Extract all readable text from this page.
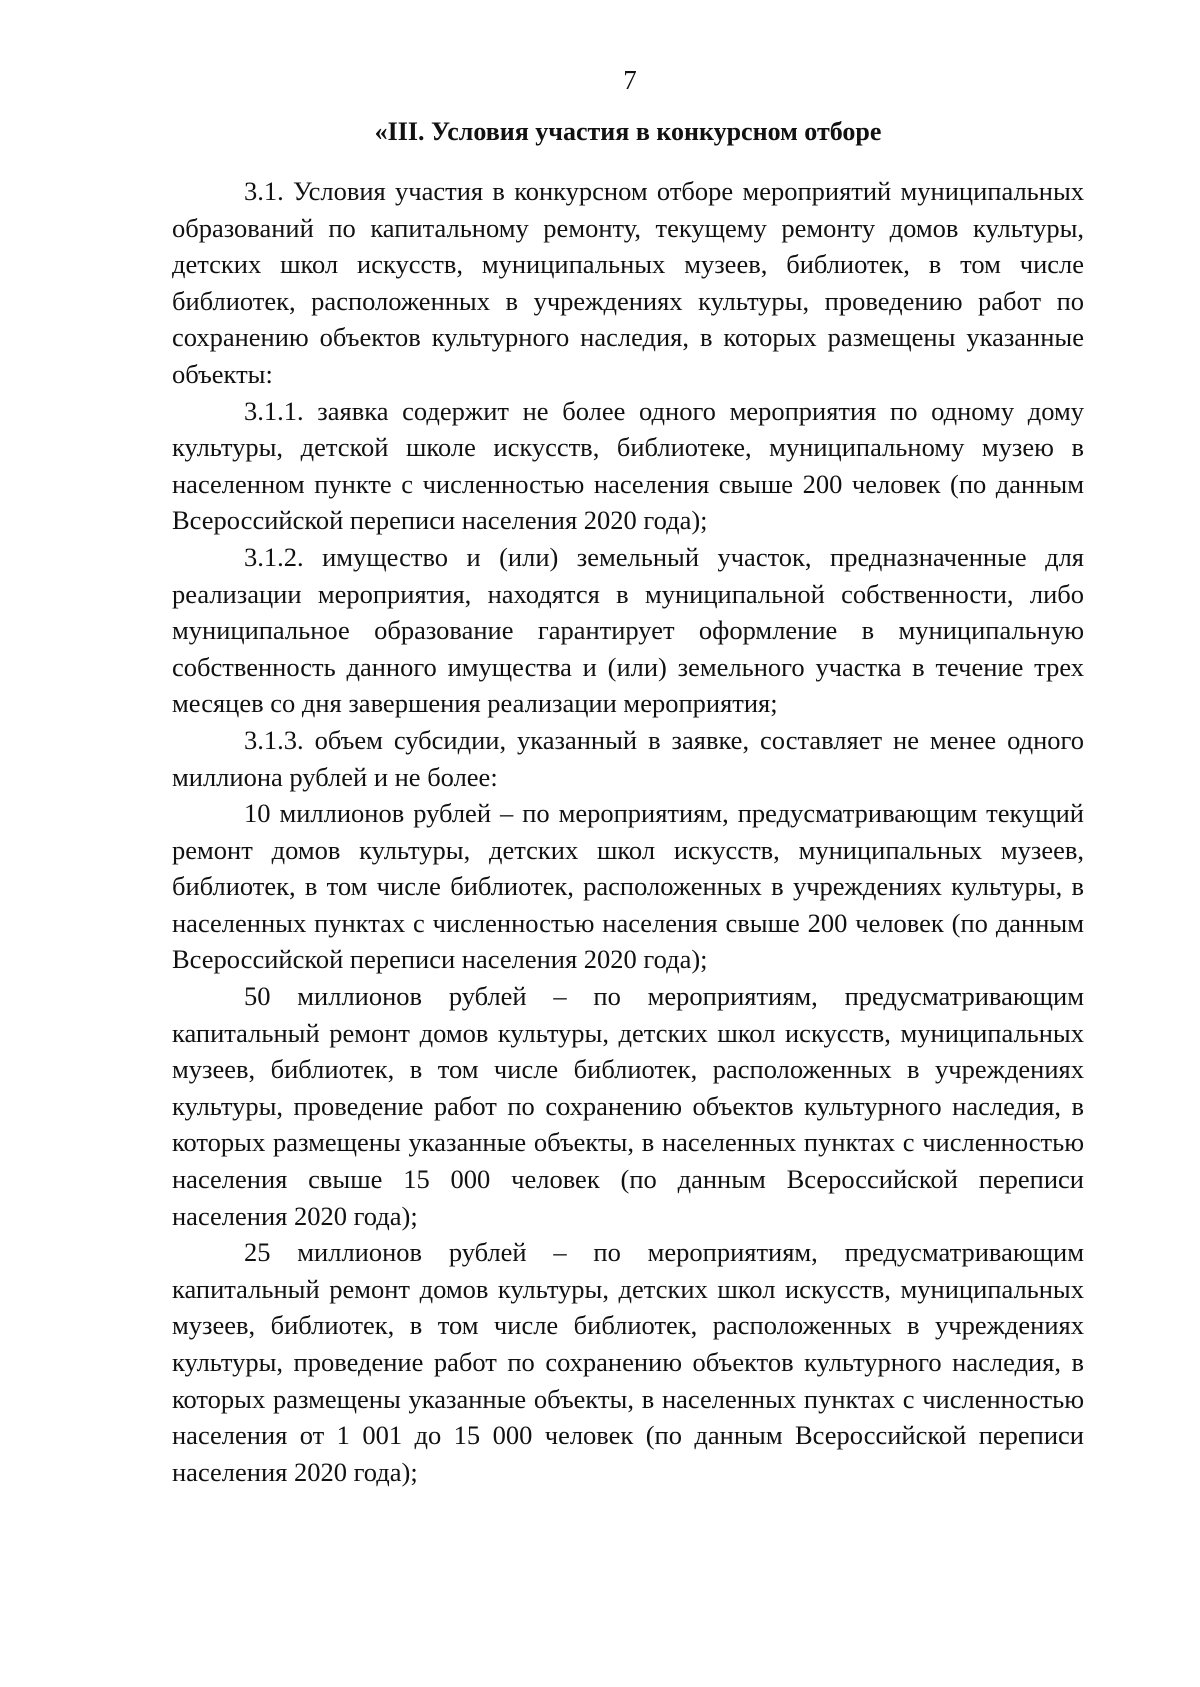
7
«III. Условия участия в конкурсном отборе

3.1. Условия участия в конкурсном отборе мероприятий муниципальных образований по капитальному ремонту, текущему ремонту домов культуры, детских школ искусств, муниципальных музеев, библиотек, в том числе библиотек, расположенных в учреждениях культуры, проведению работ по сохранению объектов культурного наследия, в которых размещены указанные объекты:

3.1.1. заявка содержит не более одного мероприятия по одному дому культуры, детской школе искусств, библиотеке, муниципальному музею в населенном пункте с численностью населения свыше 200 человек (по данным Всероссийской переписи населения 2020 года);

3.1.2. имущество и (или) земельный участок, предназначенные для реализации мероприятия, находятся в муниципальной собственности, либо муниципальное образование гарантирует оформление в муниципальную собственность данного имущества и (или) земельного участка в течение трех месяцев со дня завершения реализации мероприятия;

3.1.3. объем субсидии, указанный в заявке, составляет не менее одного миллиона рублей и не более:

10 миллионов рублей – по мероприятиям, предусматривающим текущий ремонт домов культуры, детских школ искусств, муниципальных музеев, библиотек, в том числе библиотек, расположенных в учреждениях культуры, в населенных пунктах с численностью населения свыше 200 человек (по данным Всероссийской переписи населения 2020 года);

50 миллионов рублей – по мероприятиям, предусматривающим капитальный ремонт домов культуры, детских школ искусств, муниципальных музеев, библиотек, в том числе библиотек, расположенных в учреждениях культуры, проведение работ по сохранению объектов культурного наследия, в которых размещены указанные объекты, в населенных пунктах с численностью населения свыше 15 000 человек (по данным Всероссийской переписи населения 2020 года);

25 миллионов рублей – по мероприятиям, предусматривающим капитальный ремонт домов культуры, детских школ искусств, муниципальных музеев, библиотек, в том числе библиотек, расположенных в учреждениях культуры, проведение работ по сохранению объектов культурного наследия, в которых размещены указанные объекты, в населенных пунктах с численностью населения от 1 001 до 15 000 человек (по данным Всероссийской переписи населения 2020 года);
